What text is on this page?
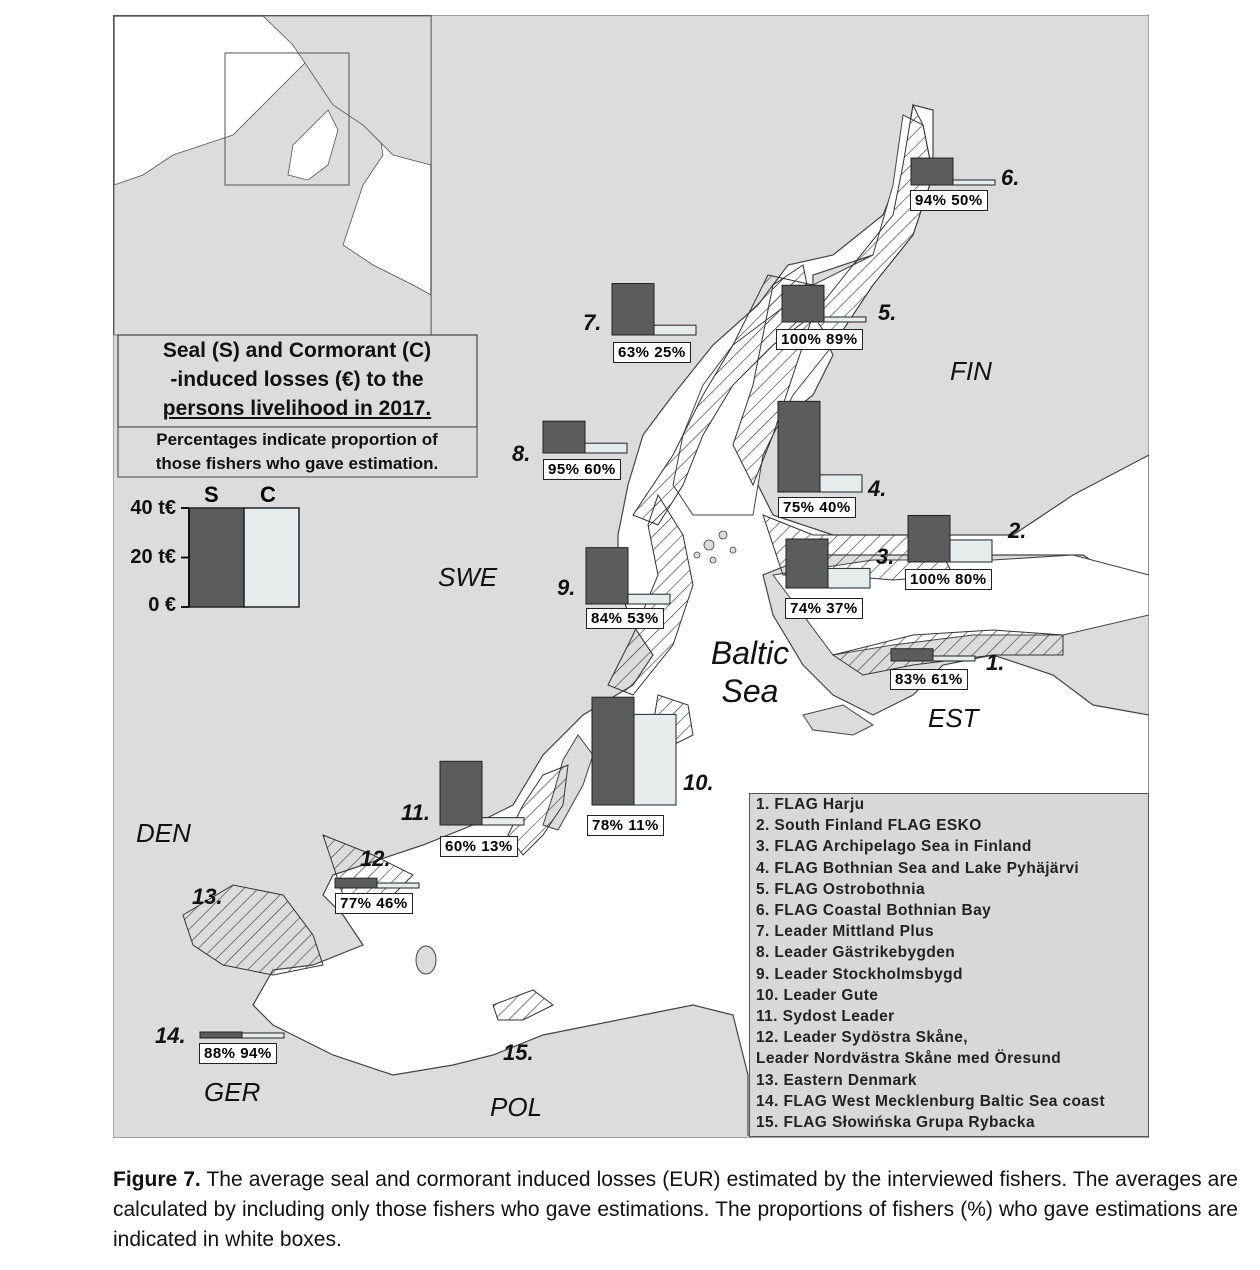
Seal (S) and Cormorant (C)
-induced losses (€) to the
persons livelihood in 2017.
Percentages indicate proportion of
those fishers who gave estimation.
S C
40 t€
20 t€
0 €
FIN
SWE
EST
DEN
GER	POL
Baltic
Sea
1.
2.
3.
4.
5.
6.
7.
8.
9.
10.
11.
12.
13.
14.
15.
83% 61%
100% 80%
74% 37%
75% 40%
100% 89%
94% 50%
63% 25%
95% 60%
84% 53%
78% 11%
60% 13%
77% 46%
88% 94%
1. FLAG Harju
2. South Finland FLAG ESKO
3. FLAG Archipelago Sea in Finland
4. FLAG Bothnian Sea and Lake Pyhäjärvi
5. FLAG Ostrobothnia
6. FLAG Coastal Bothnian Bay
7. Leader Mittland Plus
8. Leader Gästrikebygden
9. Leader Stockholmsbygd
10. Leader Gute
11. Sydost Leader
12. Leader Sydöstra Skåne,
Leader Nordvästra Skåne med Öresund
13. Eastern Denmark
14. FLAG West Mecklenburg Baltic Sea coast
15. FLAG Słowińska Grupa Rybacka
Figure 7. The average seal and cormorant induced losses (EUR) estimated by the interviewed fishers. The averages are calculated by including only those fishers who gave estimations. The proportions of fishers (%) who gave estimations are indicated in white boxes.
